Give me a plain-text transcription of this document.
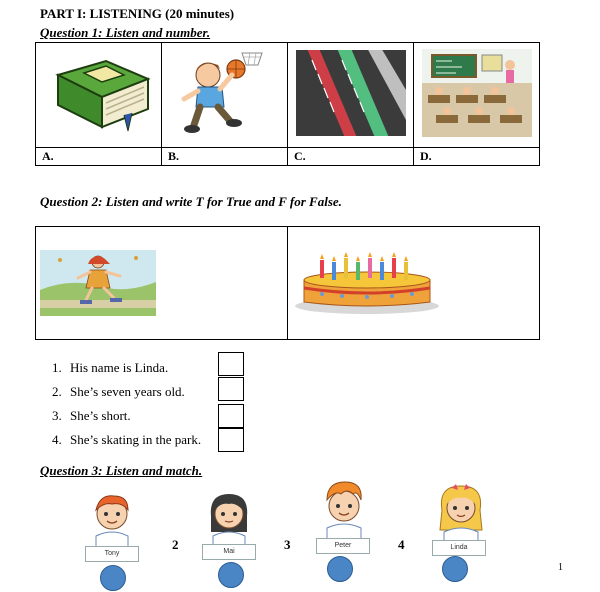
PART I: LISTENING (20 minutes)
Question 1: Listen and number.

A.	B.	C.	D.
Question 2: Listen and write T for True and F for False.

1. His name is Linda.
2. She’s seven years old.
3. She’s short.
4. She’s skating in the park.
Question 3: Listen and match.
Tony
2	Mai	3	Peter	4	Linda
1
